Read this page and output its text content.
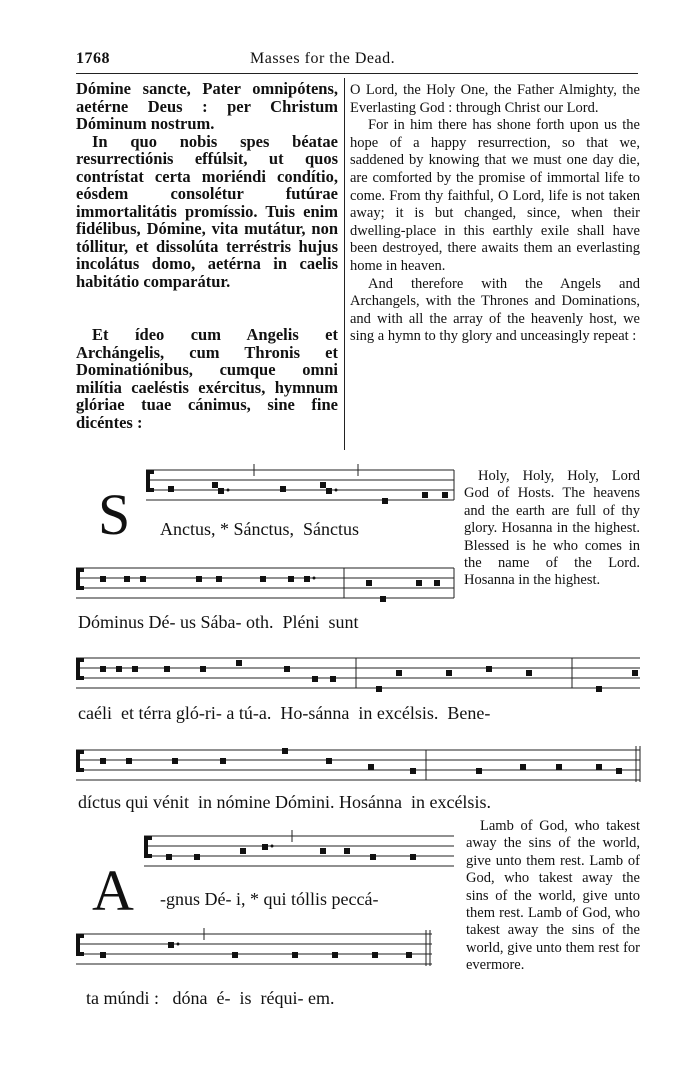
1768	Masses for the Dead.

Dómine sancte, Pater omnipótens, aetérne Deus : per Christum Dóminum nostrum.

In quo nobis spes béatae resurrectiónis effúlsit, ut quos contrístat certa moriéndi condítio, eósdem consolétur futúrae immortalitátis promíssio. Tuis enim fidélibus, Dómine, vita mutátur, non tóllitur, et dissolúta terréstris hujus incolátus domo, aetérna in caelis habitátio comparátur.

Et ídeo cum Angelis et Archángelis, cum Thronis et Dominatiónibus, cumque omni milítia caeléstis exércitus, hymnum glóriae tuae cánimus, sine fine dicéntes :

O Lord, the Holy One, the Father Almighty, the Everlasting God : through Christ our Lord.

For in him there has shone forth upon us the hope of a happy resurrection, so that we, saddened by knowing that we must one day die, are comforted by the promise of immortal life to come. From thy faithful, O Lord, life is not taken away; it is but changed, since, when their dwelling-place in this earthly exile shall have been destroyed, there awaits them an everlasting home in heaven.

And therefore with the Angels and Archangels, with the Thrones and Dominations, and with all the array of the heavenly host, we sing a hymn to thy glory and unceasingly repeat :

S Anctus, * Sánctus,  Sánctus
Dóminus Dé- us Sába- oth.  Pléni  sunt
caéli  et térra gló-ri- a tú-a.  Ho-sánna  in excélsis.  Bene-
díctus qui vénit  in nómine Dómini. Hosánna  in excélsis.

Holy, Holy, Holy, Lord God of Hosts. The heavens and the earth are full of thy glory. Hosanna in the highest. Blessed is he who comes in the name of the Lord. Hosanna in the highest.

A -gnus Dé- i, * qui tóllis peccá-
ta múndi :   dóna  é-  is  réqui- em.

Lamb of God, who takest away the sins of the world, give unto them rest. Lamb of God, who takest away the sins of the world, give unto them rest. Lamb of God, who takest away the sins of the world, give unto them rest for evermore.
